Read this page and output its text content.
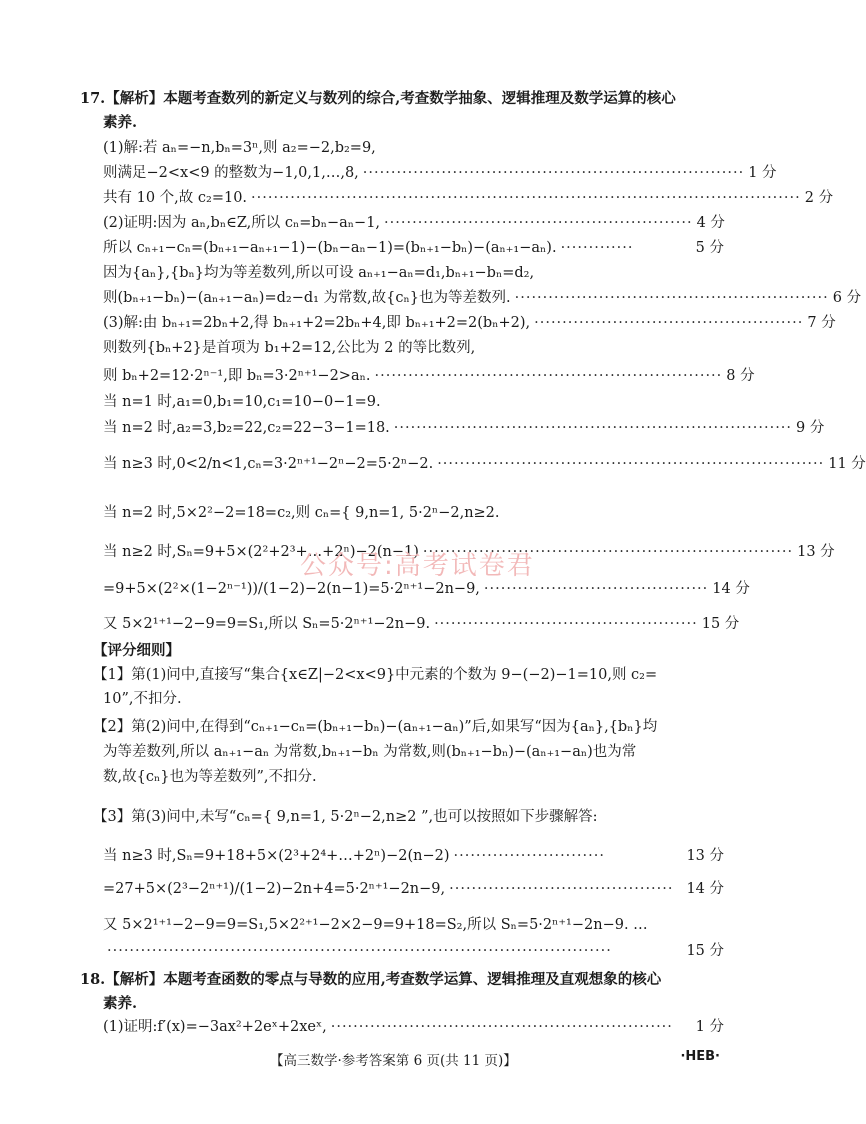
17.【解析】本题考查数列的新定义与数列的综合,考查数学抽象、逻辑推理及数学运算的核心
素养.
(1)解:若 aₙ=−n,bₙ=3ⁿ,则 a₂=−2,b₂=9,
则满足−2<x<9 的整数为−1,0,1,…,8, ···································································· 1 分
共有 10 个,故 c₂=10. ·································································································· 2 分
(2)证明:因为 aₙ,bₙ∈Z,所以 cₙ=bₙ−aₙ−1, ······················································· 4 分
所以 cₙ₊₁−cₙ=(bₙ₊₁−aₙ₊₁−1)−(bₙ−aₙ−1)=(bₙ₊₁−bₙ)−(aₙ₊₁−aₙ). ·············	5 分
因为{aₙ},{bₙ}均为等差数列,所以可设 aₙ₊₁−aₙ=d₁,bₙ₊₁−bₙ=d₂,
则(bₙ₊₁−bₙ)−(aₙ₊₁−aₙ)=d₂−d₁ 为常数,故{cₙ}也为等差数列. ························································ 6 分
(3)解:由 bₙ₊₁=2bₙ+2,得 bₙ₊₁+2=2bₙ+4,即 bₙ₊₁+2=2(bₙ+2), ················································ 7 分
则数列{bₙ+2}是首项为 b₁+2=12,公比为 2 的等比数列,
则 bₙ+2=12·2ⁿ⁻¹,即 bₙ=3·2ⁿ⁺¹−2>aₙ. ······························································ 8 分
当 n=1 时,a₁=0,b₁=10,c₁=10−0−1=9.
当 n=2 时,a₂=3,b₂=22,c₂=22−3−1=18. ······································································· 9 分
当 n≥3 时,0<2/n<1,cₙ=3·2ⁿ⁺¹−2ⁿ−2=5·2ⁿ−2. ····································································· 11 分
当 n=2 时,5×2²−2=18=c₂,则 cₙ={ 9,n=1, 5·2ⁿ−2,n≥2.
当 n≥2 时,Sₙ=9+5×(2²+2³+…+2ⁿ)−2(n−1) ·································································· 13 分
=9+5×(2²×(1−2ⁿ⁻¹))/(1−2)−2(n−1)=5·2ⁿ⁺¹−2n−9, ········································ 14 分
又 5×2¹⁺¹−2−9=9=S₁,所以 Sₙ=5·2ⁿ⁺¹−2n−9. ··············································· 15 分
公众号:高考试卷君
【评分细则】
【1】第(1)问中,直接写“集合{x∈Z|−2<x<9}中元素的个数为 9−(−2)−1=10,则 c₂=
10”,不扣分.
【2】第(2)问中,在得到“cₙ₊₁−cₙ=(bₙ₊₁−bₙ)−(aₙ₊₁−aₙ)”后,如果写“因为{aₙ},{bₙ}均
为等差数列,所以 aₙ₊₁−aₙ 为常数,bₙ₊₁−bₙ 为常数,则(bₙ₊₁−bₙ)−(aₙ₊₁−aₙ)也为常
数,故{cₙ}也为等差数列”,不扣分.
【3】第(3)问中,未写“cₙ={ 9,n=1, 5·2ⁿ−2,n≥2 ”,也可以按照如下步骤解答:
当 n≥3 时,Sₙ=9+18+5×(2³+2⁴+…+2ⁿ)−2(n−2) ···························	13 分
=27+5×(2³−2ⁿ⁺¹)/(1−2)−2n+4=5·2ⁿ⁺¹−2n−9, ········································ 14 分
又 5×2¹⁺¹−2−9=9=S₁,5×2²⁺¹−2×2−9=9+18=S₂,所以 Sₙ=5·2ⁿ⁺¹−2n−9. …
··························································································	15 分
18.【解析】本题考查函数的零点与导数的应用,考查数学运算、逻辑推理及直观想象的核心
素养.
(1)证明:f′(x)=−3ax²+2eˣ+2xeˣ, ·····························································	1 分
【高三数学·参考答案第 6 页(共 11 页)】	·HEB·
